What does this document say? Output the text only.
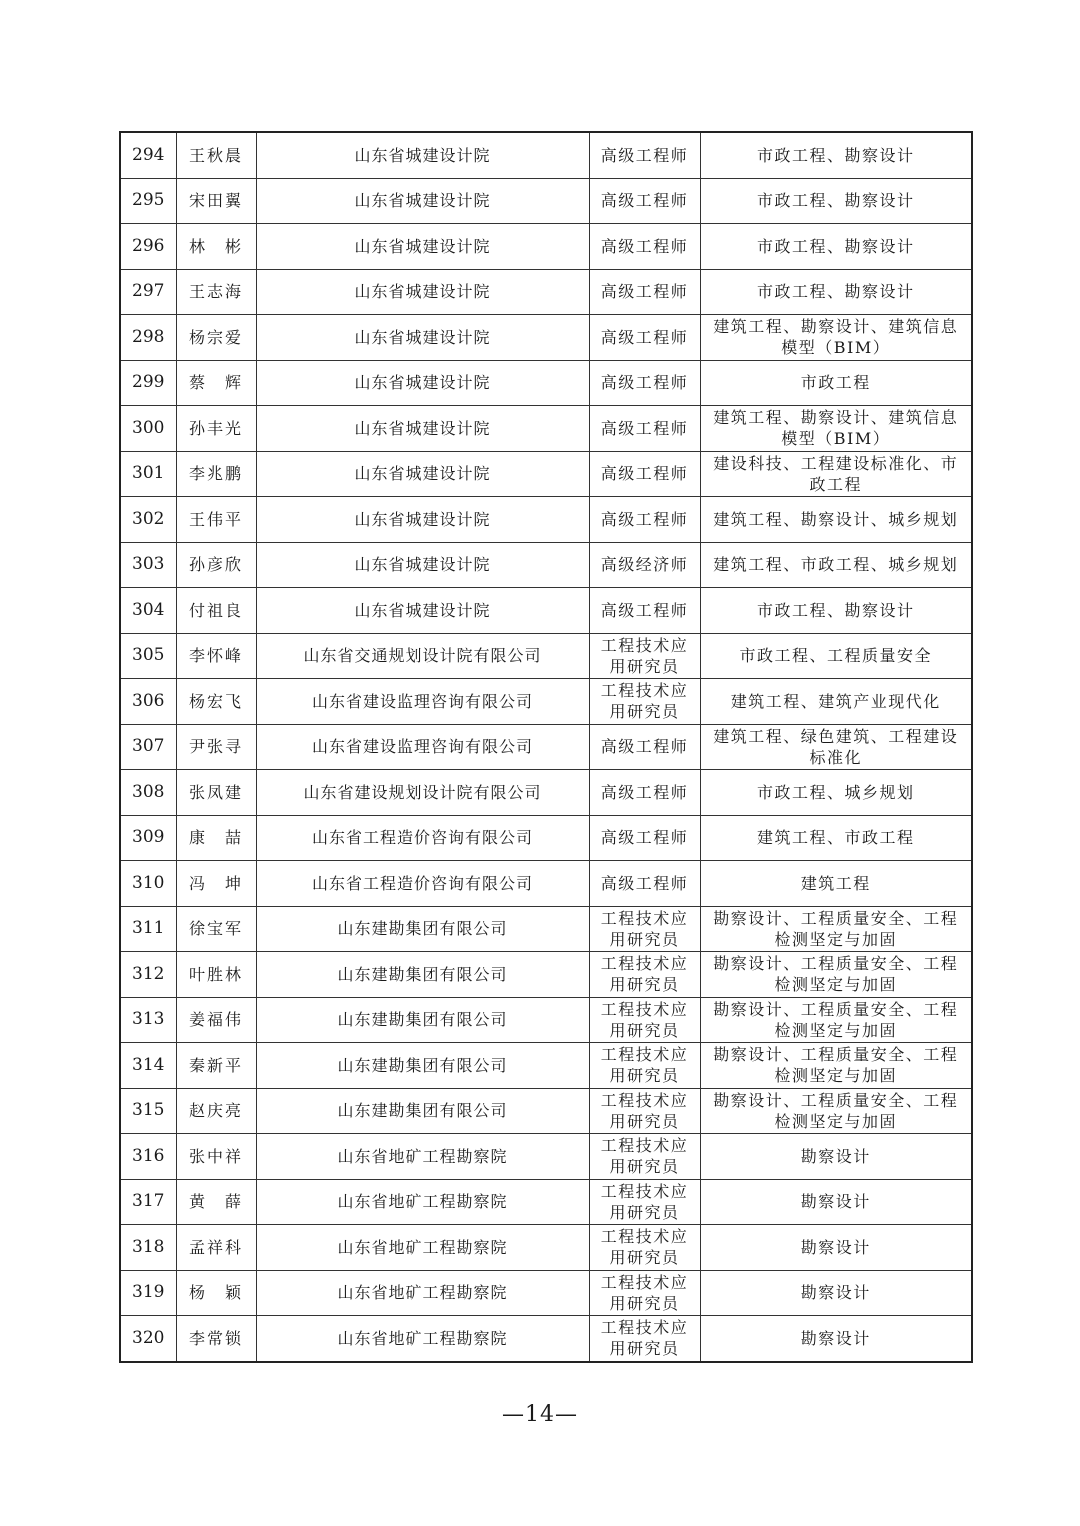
294	王秋晨	山东省城建设计院	高级工程师	市政工程、勘察设计
295	宋田翼	山东省城建设计院	高级工程师	市政工程、勘察设计
296	林　彬	山东省城建设计院	高级工程师	市政工程、勘察设计
297	王志海	山东省城建设计院	高级工程师	市政工程、勘察设计
298	杨宗爱	山东省城建设计院	高级工程师	建筑工程、勘察设计、建筑信息模型（BIM）
299	蔡　辉	山东省城建设计院	高级工程师	市政工程
300	孙丰光	山东省城建设计院	高级工程师	建筑工程、勘察设计、建筑信息模型（BIM）
301	李兆鹏	山东省城建设计院	高级工程师	建设科技、工程建设标准化、市政工程
302	王伟平	山东省城建设计院	高级工程师	建筑工程、勘察设计、城乡规划
303	孙彦欣	山东省城建设计院	高级经济师	建筑工程、市政工程、城乡规划
304	付祖良	山东省城建设计院	高级工程师	市政工程、勘察设计
305	李怀峰	山东省交通规划设计院有限公司	工程技术应用研究员	市政工程、工程质量安全
306	杨宏飞	山东省建设监理咨询有限公司	工程技术应用研究员	建筑工程、建筑产业现代化
307	尹张寻	山东省建设监理咨询有限公司	高级工程师	建筑工程、绿色建筑、工程建设标准化
308	张凤建	山东省建设规划设计院有限公司	高级工程师	市政工程、城乡规划
309	康　喆	山东省工程造价咨询有限公司	高级工程师	建筑工程、市政工程
310	冯　坤	山东省工程造价咨询有限公司	高级工程师	建筑工程
311	徐宝军	山东建勘集团有限公司	工程技术应用研究员	勘察设计、工程质量安全、工程检测坚定与加固
312	叶胜林	山东建勘集团有限公司	工程技术应用研究员	勘察设计、工程质量安全、工程检测坚定与加固
313	姜福伟	山东建勘集团有限公司	工程技术应用研究员	勘察设计、工程质量安全、工程检测坚定与加固
314	秦新平	山东建勘集团有限公司	工程技术应用研究员	勘察设计、工程质量安全、工程检测坚定与加固
315	赵庆亮	山东建勘集团有限公司	工程技术应用研究员	勘察设计、工程质量安全、工程检测坚定与加固
316	张中祥	山东省地矿工程勘察院	工程技术应用研究员	勘察设计
317	黄　薛	山东省地矿工程勘察院	工程技术应用研究员	勘察设计
318	孟祥科	山东省地矿工程勘察院	工程技术应用研究员	勘察设计
319	杨　颖	山东省地矿工程勘察院	工程技术应用研究员	勘察设计
320	李常锁	山东省地矿工程勘察院	工程技术应用研究员	勘察设计
—14—
